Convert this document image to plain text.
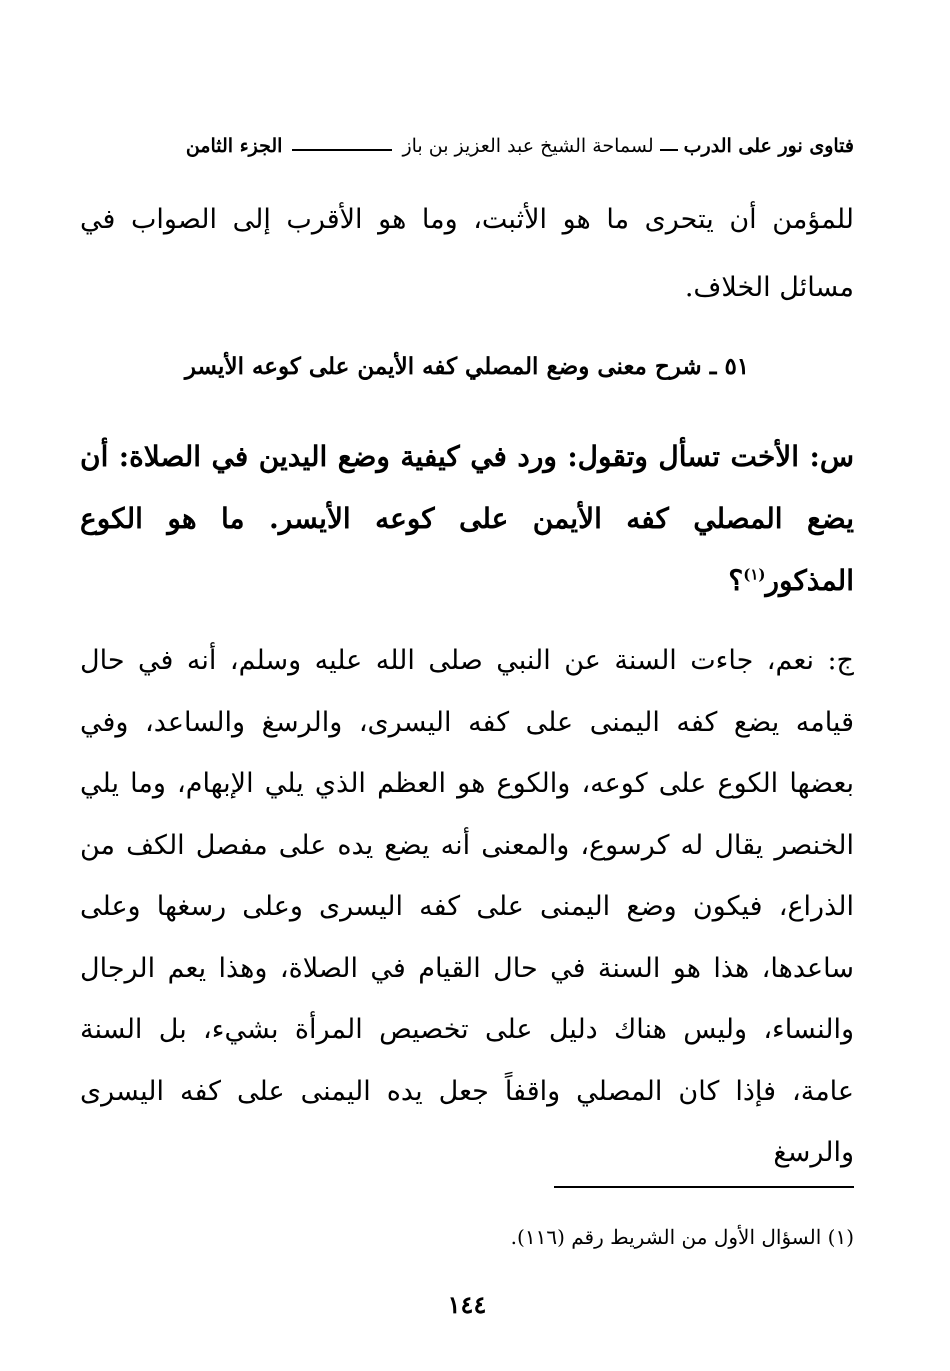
فتاوى نور على الدرب
لسماحة الشيخ عبد العزيز بن باز
الجزء الثامن

للمؤمن أن يتحرى ما هو الأثبت، وما هو الأقرب إلى الصواب في مسائل الخلاف.

٥١ ـ شرح معنى وضع المصلي كفه الأيمن على كوعه الأيسر

س: الأخت تسأل وتقول: ورد في كيفية وضع اليدين في الصلاة: أن يضع المصلي كفه الأيمن على كوعه الأيسر. ما هو الكوع المذكور$^{(١)}$؟

ج: نعم، جاءت السنة عن النبي صلى الله عليه وسلم، أنه في حال قيامه يضع كفه اليمنى على كفه اليسرى، والرسغ والساعد، وفي بعضها الكوع على كوعه، والكوع هو العظم الذي يلي الإبهام، وما يلي الخنصر يقال له كرسوع، والمعنى أنه يضع يده على مفصل الكف من الذراع، فيكون وضع اليمنى على كفه اليسرى وعلى رسغها وعلى ساعدها، هذا هو السنة في حال القيام في الصلاة، وهذا يعم الرجال والنساء، وليس هناك دليل على تخصيص المرأة بشيء، بل السنة عامة، فإذا كان المصلي واقفاً جعل يده اليمنى على كفه اليسرى والرسغ

(١) السؤال الأول من الشريط رقم (١١٦).

١٤٤
